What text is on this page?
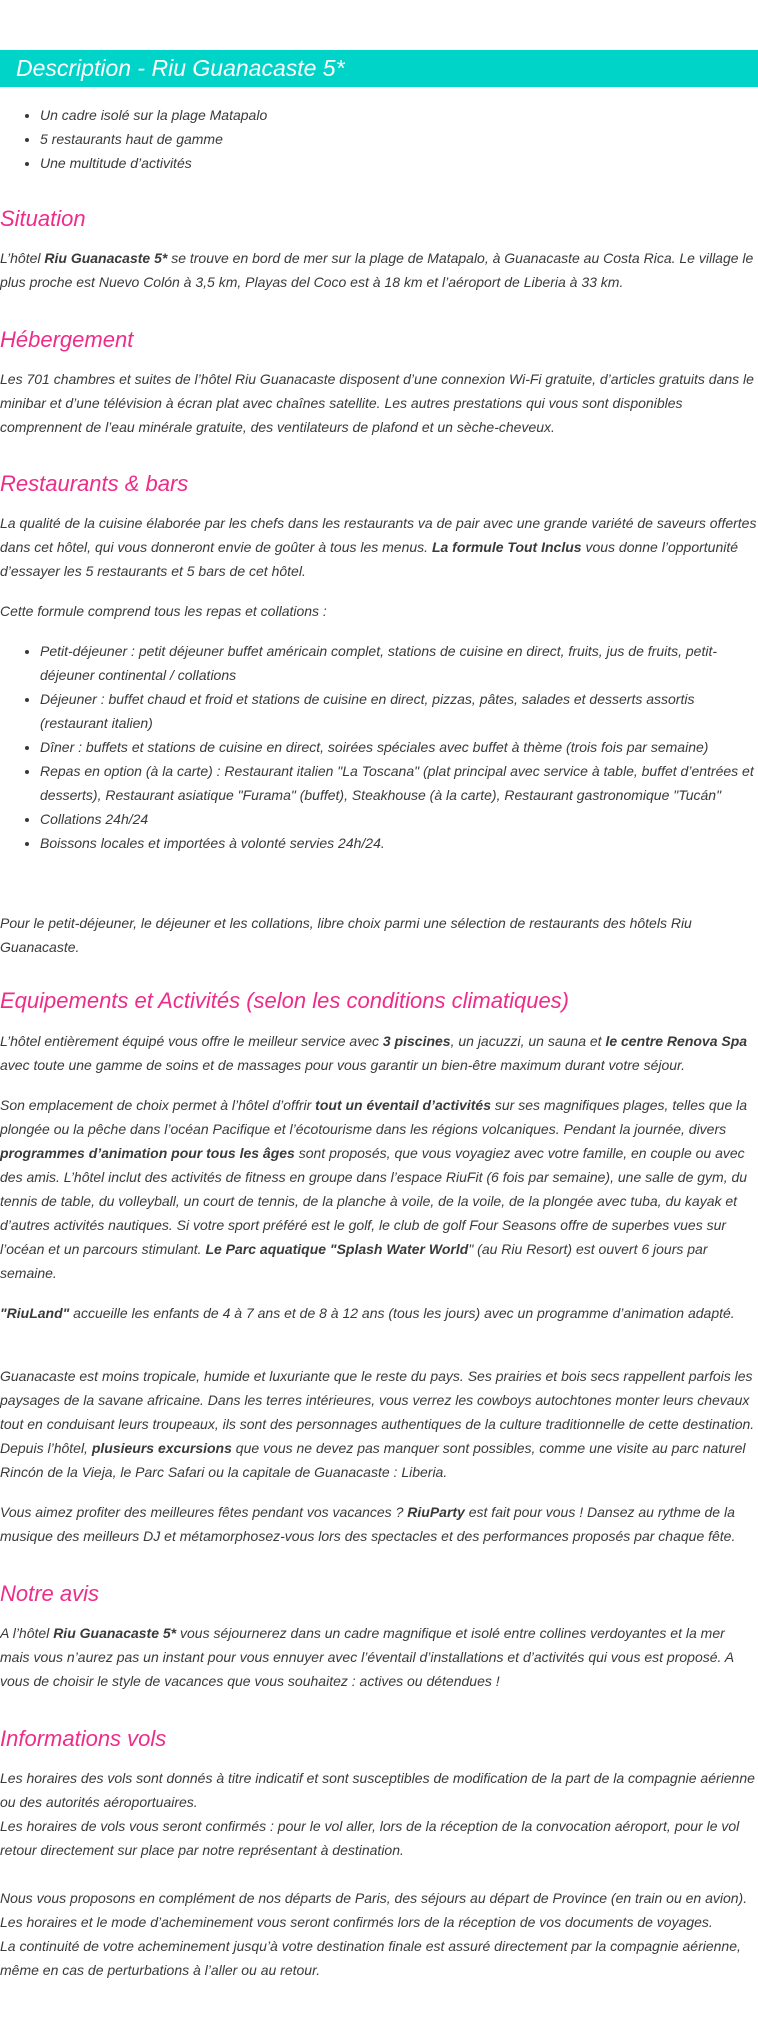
Description - Riu Guanacaste 5*
• Un cadre isolé sur la plage Matapalo
• 5 restaurants haut de gamme
• Une multitude d’activités
Situation

L’hôtel Riu Guanacaste 5* se trouve en bord de mer sur la plage de Matapalo, à Guanacaste au Costa Rica. Le village le plus proche est Nuevo Colón à 3,5 km, Playas del Coco est à 18 km et l’aéroport de Liberia à 33 km.

Hébergement

Les 701 chambres et suites de l’hôtel Riu Guanacaste disposent d’une connexion Wi-Fi gratuite, d’articles gratuits dans le minibar et d’une télévision à écran plat avec chaînes satellite. Les autres prestations qui vous sont disponibles comprennent de l’eau minérale gratuite, des ventilateurs de plafond et un sèche-cheveux.

Restaurants & bars

La qualité de la cuisine élaborée par les chefs dans les restaurants va de pair avec une grande variété de saveurs offertes dans cet hôtel, qui vous donneront envie de goûter à tous les menus. La formule Tout Inclus vous donne l’opportunité d’essayer les 5 restaurants et 5 bars de cet hôtel.

Cette formule comprend tous les repas et collations :

• Petit-déjeuner : petit déjeuner buffet américain complet, stations de cuisine en direct, fruits, jus de fruits, petit-déjeuner continental / collations
• Déjeuner : buffet chaud et froid et stations de cuisine en direct, pizzas, pâtes, salades et desserts assortis (restaurant italien)
• Dîner : buffets et stations de cuisine en direct, soirées spéciales avec buffet à thème (trois fois par semaine)
• Repas en option (à la carte) : Restaurant italien "La Toscana" (plat principal avec service à table, buffet d’entrées et desserts), Restaurant asiatique "Furama" (buffet), Steakhouse (à la carte), Restaurant gastronomique "Tucán"
• Collations 24h/24
• Boissons locales et importées à volonté servies 24h/24.

Pour le petit-déjeuner, le déjeuner et les collations, libre choix parmi une sélection de restaurants des hôtels Riu Guanacaste.

Equipements et Activités (selon les conditions climatiques)

L’hôtel entièrement équipé vous offre le meilleur service avec 3 piscines, un jacuzzi, un sauna et le centre Renova Spa avec toute une gamme de soins et de massages pour vous garantir un bien-être maximum durant votre séjour.

Son emplacement de choix permet à l’hôtel d’offrir tout un éventail d’activités sur ses magnifiques plages, telles que la plongée ou la pêche dans l’océan Pacifique et l’écotourisme dans les régions volcaniques. Pendant la journée, divers programmes d’animation pour tous les âges sont proposés, que vous voyagiez avec votre famille, en couple ou avec des amis. L’hôtel inclut des activités de fitness en groupe dans l’espace RiuFit (6 fois par semaine), une salle de gym, du tennis de table, du volleyball, un court de tennis, de la planche à voile, de la voile, de la plongée avec tuba, du kayak et d’autres activités nautiques. Si votre sport préféré est le golf, le club de golf Four Seasons offre de superbes vues sur l’océan et un parcours stimulant. Le Parc aquatique "Splash Water World" (au Riu Resort) est ouvert 6 jours par semaine.

"RiuLand" accueille les enfants de 4 à 7 ans et de 8 à 12 ans (tous les jours) avec un programme d’animation adapté.

Guanacaste est moins tropicale, humide et luxuriante que le reste du pays. Ses prairies et bois secs rappellent parfois les paysages de la savane africaine. Dans les terres intérieures, vous verrez les cowboys autochtones monter leurs chevaux tout en conduisant leurs troupeaux, ils sont des personnages authentiques de la culture traditionnelle de cette destination. Depuis l’hôtel, plusieurs excursions que vous ne devez pas manquer sont possibles, comme une visite au parc naturel Rincón de la Vieja, le Parc Safari ou la capitale de Guanacaste : Liberia.

Vous aimez profiter des meilleures fêtes pendant vos vacances ? RiuParty est fait pour vous ! Dansez au rythme de la musique des meilleurs DJ et métamorphosez-vous lors des spectacles et des performances proposés par chaque fête.

Notre avis

A l’hôtel Riu Guanacaste 5* vous séjournerez dans un cadre magnifique et isolé entre collines verdoyantes et la mer mais vous n’aurez pas un instant pour vous ennuyer avec l’éventail d’installations et d’activités qui vous est proposé. A vous de choisir le style de vacances que vous souhaitez : actives ou détendues !

Informations vols

Les horaires des vols sont donnés à titre indicatif et sont susceptibles de modification de la part de la compagnie aérienne ou des autorités aéroportuaires.

Les horaires de vols vous seront confirmés : pour le vol aller, lors de la réception de la convocation aéroport, pour le vol retour directement sur place par notre représentant à destination.

Nous vous proposons en complément de nos départs de Paris, des séjours au départ de Province (en train ou en avion).

Les horaires et le mode d’acheminement vous seront confirmés lors de la réception de vos documents de voyages.

La continuité de votre acheminement jusqu’à votre destination finale est assuré directement par la compagnie aérienne, même en cas de perturbations à l’aller ou au retour.
